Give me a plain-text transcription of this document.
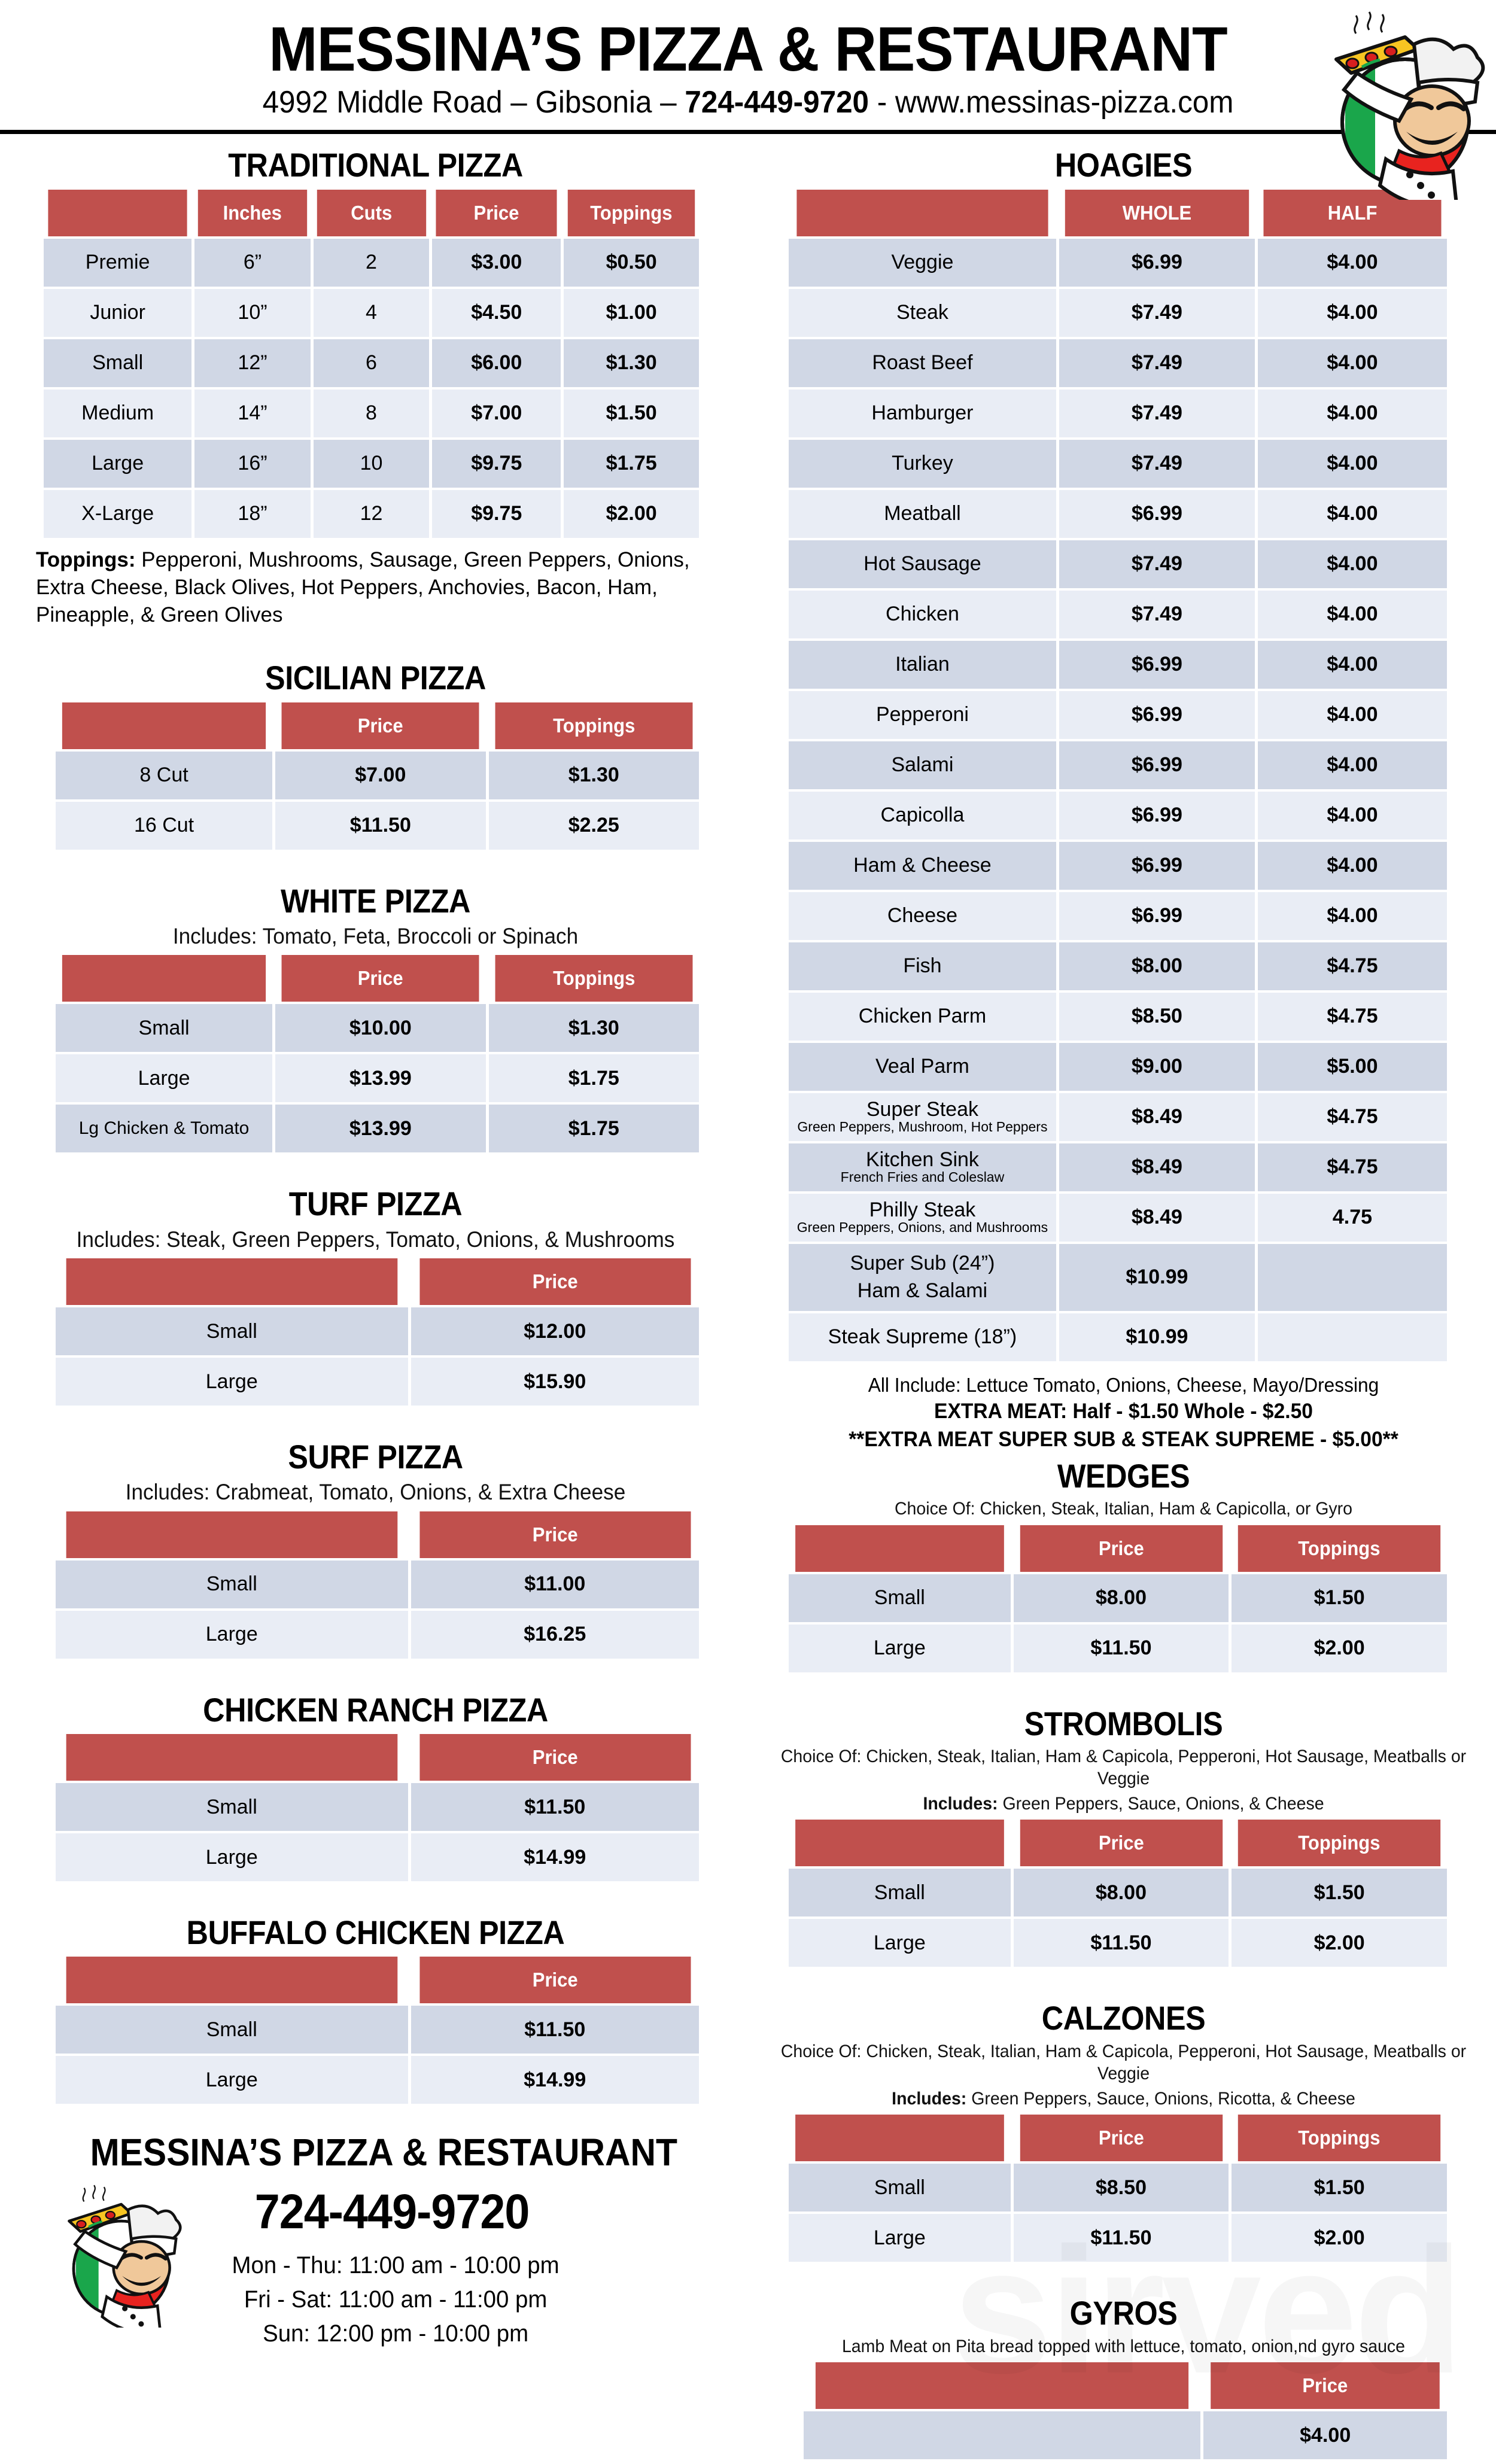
MESSINA’S PIZZA & RESTAURANT
4992 Middle Road – Gibsonia – 724-449-9720 - www.messinas-pizza.com
TRADITIONAL PIZZA
	Inches	Cuts	Price	Toppings
Premie	6”	2	$3.00	$0.50
Junior	10”	4	$4.50	$1.00
Small	12”	6	$6.00	$1.30
Medium	14”	8	$7.00	$1.50
Large	16”	10	$9.75	$1.75
X-Large	18”	12	$9.75	$2.00
Toppings: Pepperoni, Mushrooms, Sausage, Green Peppers, Onions, Extra Cheese, Black Olives, Hot Peppers, Anchovies, Bacon, Ham, Pineapple, & Green Olives
SICILIAN PIZZA
	Price	Toppings
8 Cut	$7.00	$1.30
16 Cut	$11.50	$2.25
WHITE PIZZA
Includes: Tomato, Feta, Broccoli or Spinach
	Price	Toppings
Small	$10.00	$1.30
Large	$13.99	$1.75
Lg Chicken & Tomato	$13.99	$1.75
TURF PIZZA
Includes: Steak, Green Peppers, Tomato, Onions, & Mushrooms
	Price
Small	$12.00
Large	$15.90
SURF PIZZA
Includes: Crabmeat, Tomato, Onions, & Extra Cheese
	Price
Small	$11.00
Large	$16.25
CHICKEN RANCH PIZZA
	Price
Small	$11.50
Large	$14.99
BUFFALO CHICKEN PIZZA
	Price
Small	$11.50
Large	$14.99
MESSINA’S PIZZA & RESTAURANT
724-449-9720
Mon - Thu: 11:00 am - 10:00 pm
Fri - Sat: 11:00 am - 11:00 pm
Sun: 12:00 pm - 10:00 pm
HOAGIES
	WHOLE	HALF
Veggie	$6.99	$4.00
Steak	$7.49	$4.00
Roast Beef	$7.49	$4.00
Hamburger	$7.49	$4.00
Turkey	$7.49	$4.00
Meatball	$6.99	$4.00
Hot Sausage	$7.49	$4.00
Chicken	$7.49	$4.00
Italian	$6.99	$4.00
Pepperoni	$6.99	$4.00
Salami	$6.99	$4.00
Capicolla	$6.99	$4.00
Ham & Cheese	$6.99	$4.00
Cheese	$6.99	$4.00
Fish	$8.00	$4.75
Chicken Parm	$8.50	$4.75
Veal Parm	$9.00	$5.00
Super Steak
Green Peppers, Mushroom, Hot Peppers	$8.49	$4.75
Kitchen Sink
French Fries and Coleslaw	$8.49	$4.75
Philly Steak
Green Peppers, Onions, and Mushrooms	$8.49	4.75

Super Sub (24”)
Ham & Salami	$10.99	
Steak Supreme (18”)	$10.99	
All Include: Lettuce Tomato, Onions, Cheese, Mayo/Dressing
EXTRA MEAT: Half - $1.50 Whole - $2.50
**EXTRA MEAT SUPER SUB & STEAK SUPREME - $5.00**
WEDGES
Choice Of: Chicken, Steak, Italian, Ham & Capicolla, or Gyro
	Price	Toppings
Small	$8.00	$1.50
Large	$11.50	$2.00
STROMBOLIS
Choice Of: Chicken, Steak, Italian, Ham & Capicola, Pepperoni, Hot Sausage, Meatballs or Veggie
Includes: Green Peppers, Sauce, Onions, & Cheese
	Price	Toppings
Small	$8.00	$1.50
Large	$11.50	$2.00
CALZONES
Choice Of: Chicken, Steak, Italian, Ham & Capicola, Pepperoni, Hot Sausage, Meatballs or Veggie
Includes: Green Peppers, Sauce, Onions, Ricotta, & Cheese
	Price	Toppings
Small	$8.50	$1.50
Large	$11.50	$2.00
GYROS
Lamb Meat on Pita bread topped with lettuce, tomato, onion,nd gyro sauce
	Price
	$4.00
